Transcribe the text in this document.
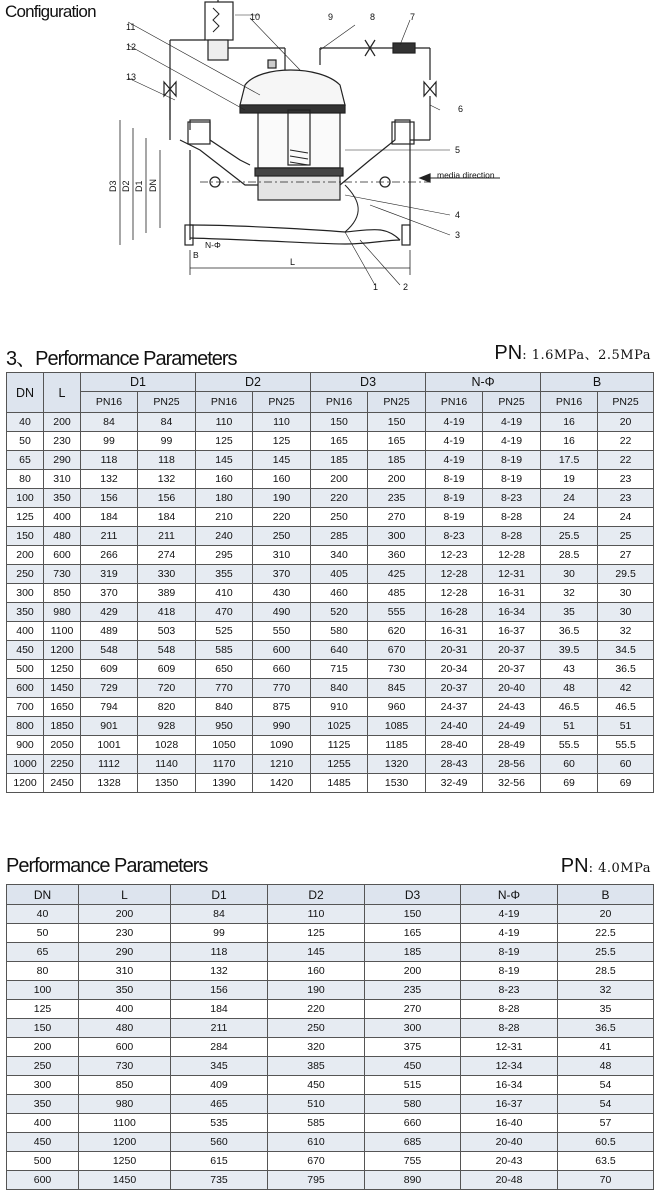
Configuration	10
11
12
13
9	8	7
6
5
4
3
2
1
media direction
N-Φ
B
L
D3 D2 D1 DN
3、Performance Parameters	PN: 1.6MPa、2.5MPa
DN	L	D1		D2		D3		N-Φ		B	
		PN16	PN25	PN16	PN25	PN16	PN25	PN16	PN25	PN16	PN25
40	200	84	84	110	110	150	150	4-19	4-19	16	20
50	230	99	99	125	125	165	165	4-19	4-19	16	22
65	290	118	118	145	145	185	185	4-19	8-19	17.5	22
80	310	132	132	160	160	200	200	8-19	8-19	19	23
100	350	156	156	180	190	220	235	8-19	8-23	24	23
125	400	184	184	210	220	250	270	8-19	8-28	24	24
150	480	211	211	240	250	285	300	8-23	8-28	25.5	25
200	600	266	274	295	310	340	360	12-23	12-28	28.5	27
250	730	319	330	355	370	405	425	12-28	12-31	30	29.5
300	850	370	389	410	430	460	485	12-28	16-31	32	30
350	980	429	418	470	490	520	555	16-28	16-34	35	30
400	1100	489	503	525	550	580	620	16-31	16-37	36.5	32
450	1200	548	548	585	600	640	670	20-31	20-37	39.5	34.5
500	1250	609	609	650	660	715	730	20-34	20-37	43	36.5
600	1450	729	720	770	770	840	845	20-37	20-40	48	42
700	1650	794	820	840	875	910	960	24-37	24-43	46.5	46.5
800	1850	901	928	950	990	1025	1085	24-40	24-49	51	51
900	2050	1001	1028	1050	1090	1125	1185	28-40	28-49	55.5	55.5
1000	2250	1112	1140	1170	1210	1255	1320	28-43	28-56	60	60
1200	2450	1328	1350	1390	1420	1485	1530	32-49	32-56	69	69
Performance Parameters	PN: 4.0MPa
DN	L	D1	D2	D3	N-Φ	B
40	200	84	110	150	4-19	20
50	230	99	125	165	4-19	22.5
65	290	118	145	185	8-19	25.5
80	310	132	160	200	8-19	28.5
100	350	156	190	235	8-23	32
125	400	184	220	270	8-28	35
150	480	211	250	300	8-28	36.5
200	600	284	320	375	12-31	41
250	730	345	385	450	12-34	48
300	850	409	450	515	16-34	54
350	980	465	510	580	16-37	54
400	1100	535	585	660	16-40	57
450	1200	560	610	685	20-40	60.5
500	1250	615	670	755	20-43	63.5
600	1450	735	795	890	20-48	70
